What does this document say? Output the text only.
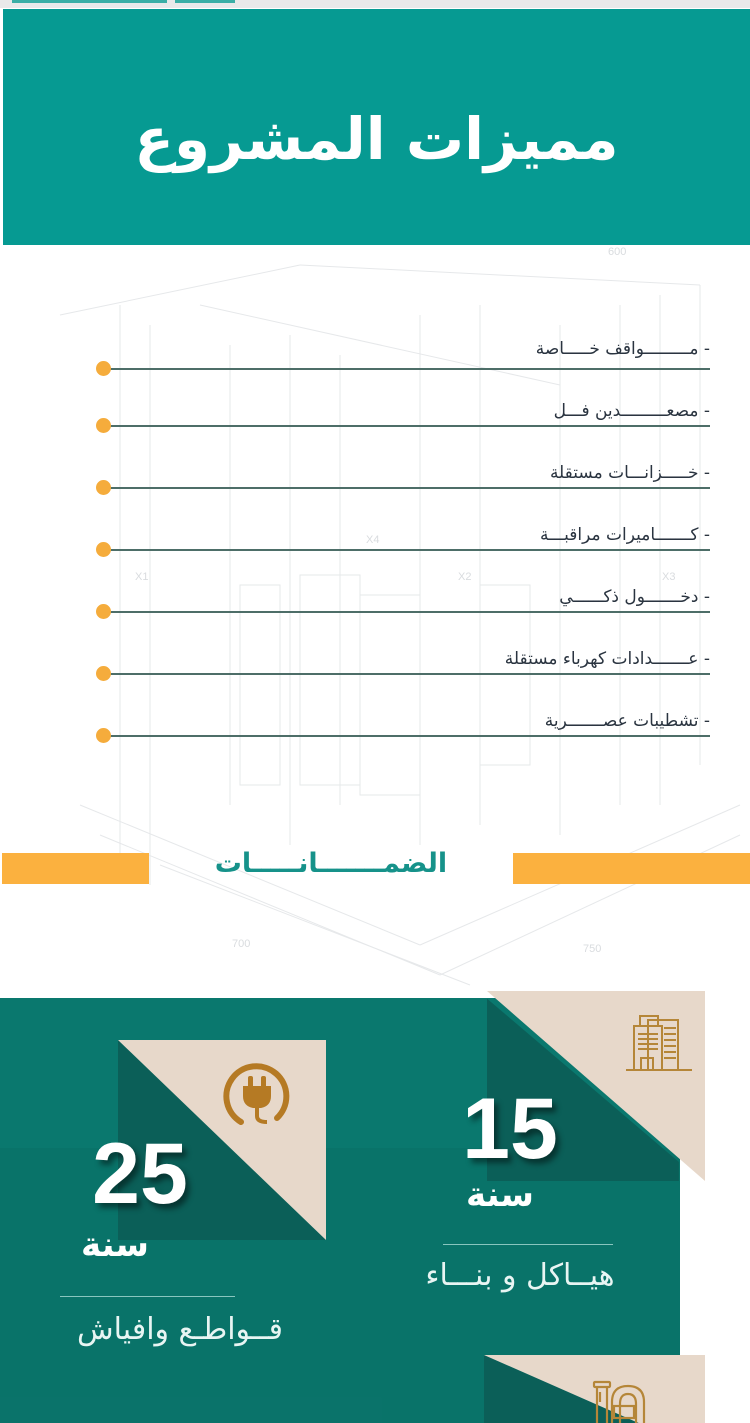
مميزات المشروع
600
X1
X4
X2	X3
700	750
- مـــــــــواقف خـــــاصة
- مصعـــــــــدين فـــل
- خـــــزانـــات مستقلة
- كـــــــاميرات مراقبـــة
- دخـــــــول ذكــــــي
- عـــــــدادات كهرباء مستقلة
- تشطيبات عصـــــــرية
الضمـــــــانـــــات
15
سنة
هيــاكل و بنـــاء
25
سنة
قــواطـع وافياش
